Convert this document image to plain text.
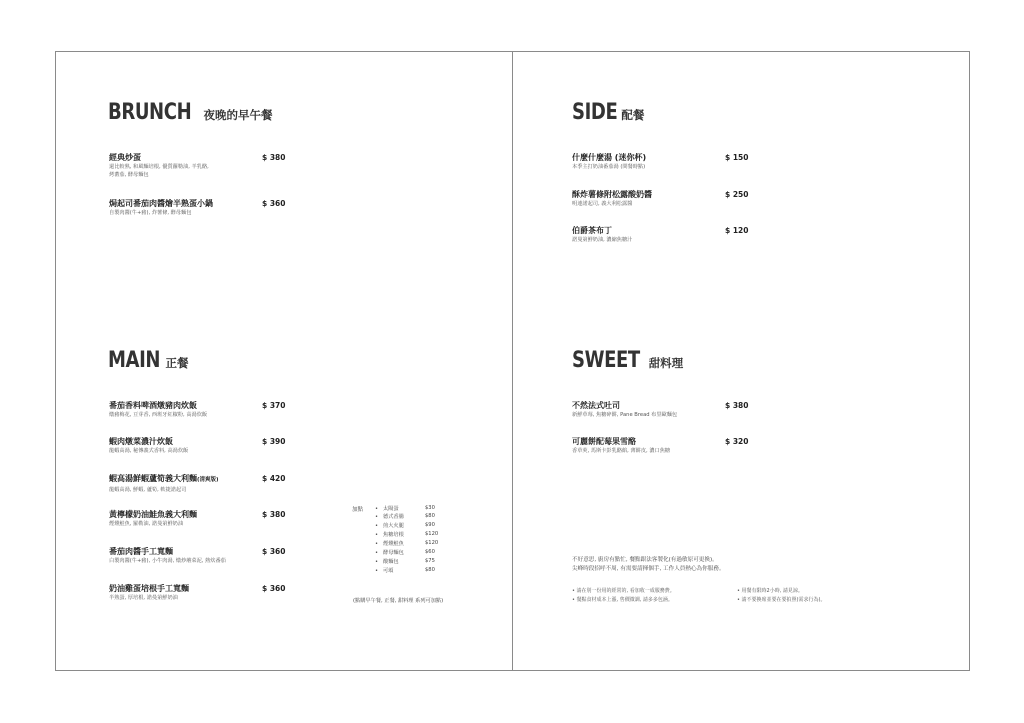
BRUNCH 夜晚的早午餐
經典炒蛋
還比較熟, 和風麵培根, 優質蘿勒油, 羊乳酪,
烤蕃茄, 酵母麵包
$ 380
焗起司番茄肉醬燴半熟蛋小鍋
自製肉醬(牛+豬), 炸薯條, 酵母麵包
$ 360
MAIN 正餐
番茄香料啤酒燉豬肉炊飯
燉豬梅花, 豆芽香, 西班牙紅椒粉, 高湯炊飯
$ 370
蝦肉燉菜濃汁炊飯
龍蝦高湯, 秘傳義式香料, 高湯炊飯
$ 390
蝦高湯鮮蝦蘆筍義大利麵(清爽版)
龍蝦高湯, 鮮蝦, 蘆筍, 軟捷諾起司
$ 420
黃檸檬奶油鮭魚義大利麵
煙燻鮭魚, 羅勒油, 諾曼第鮮奶油
$ 380
番茄肉醬手工寬麵
白製肉醬(牛+豬), 小牛肉湯, 燉炒蘑菜泥, 熱炊番茄
$ 360
奶油雞蛋培根手工寬麵
半熟蛋, 厚培根, 諾曼第鮮奶油
$ 360
加點 • 太陽蛋	$30
• 德式香腸	$80
• 煎大火腿	$90
• 焦糖培根	$120
• 煙燻鮭魚	$120
• 酵母麵包	$60
• 酸麵包	$75
• 可頌	$80
(點購早午餐, 正餐, 甜料理 系列可加點)
SIDE 配餐
什麼什麼湯 (迷你杯)
本季主打奶油番茄湯 (問餐時點)
$ 150
酥炸薯條附松露酸奶醬
明連諾起司, 義大利松露醬
$ 250
伯爵茶布丁
諾曼第鮮奶油, 濃縮焦糖汁
$ 120
SWEET 甜料理
不然法式吐司
新鮮草莓, 焦糖碎餅, Pane Bread 布里歐麵包
$ 380
可麗餅配莓果雪酪
香草莢, 馬斯卡彭乳酪餡, 薄餅皮, 濃口焦糖
$ 320
不好意思, 廚房有點忙, 餐點跟法客製化(有過敏原可更換)。
尖峰時段招呼不周, 有需要請揮個手, 工作人員熱心為你服務。
• 請在別一份用的經常的, 看加收一成服務費。
• 餐點食材成本上漲, 售價微調, 請多多包涵。
• 用餐有限時2小時, 請見諒。
• 請不要換席並要在要拍照(需求行為)。
